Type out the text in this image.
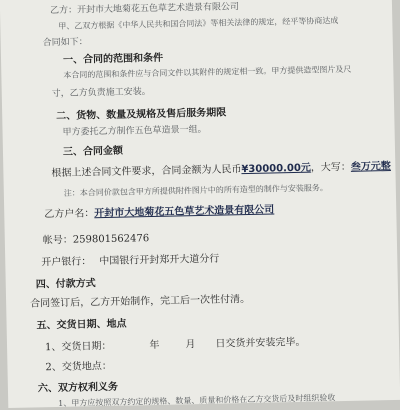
乙方：开封市大地菊花五色草艺术造景有限公司
甲、乙双方根据《中华人民共和国合同法》等相关法律的规定，经平等协商达成
合同如下：
一、合同的范围和条件
本合同的范围和条件应与合同文件以其附件的规定相一致。甲方提供造型图片及尺
寸，乙方负责施工安装。
二、货物、数量及规格及售后服务期限
甲方委托乙方制作五色草造景一组。
三、合同金额
根据上述合同文件要求，合同金额为人民币¥30000.00元，大写：叁万元整
注：本合同价款包含甲方所提供附件图片中的所有造型的制作与安装服务。
乙方户名：开封市大地菊花五色草艺术造景有限公司
帐号：259801562476
开户银行： 中国银行开封郑开大道分行
四、付款方式
合同签订后，乙方开始制作，完工后一次性付清。
五、交货日期、地点
1、交货日期：	年	月 日交货并安装完毕。
2、交货地点：
六、双方权利义务
1、甲方应按照双方约定的规格、数量、质量和价格在乙方交货后及时组织验收
